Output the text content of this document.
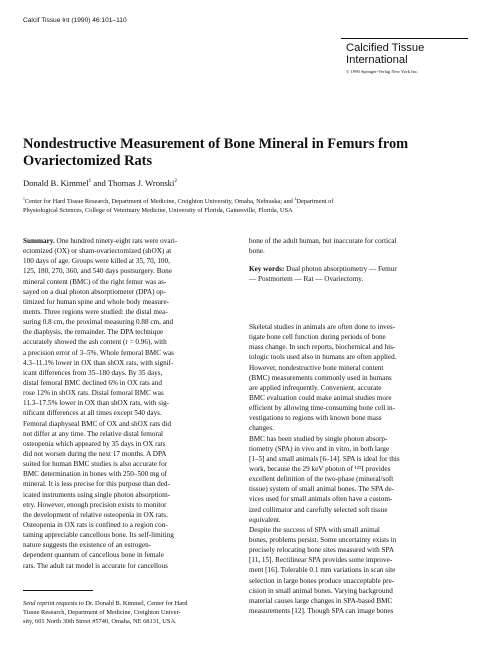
Calcif Tissue Int (1990) 46:101–110
Calcified Tissue
International
© 1990 Springer-Verlag New York Inc.
Nondestructive Measurement of Bone Mineral in Femurs from
Ovariectomized Rats
Donald B. Kimmel$^1$ and Thomas J. Wronski$^2$
$^1$Center for Hard Tissue Research, Department of Medicine, Creighton University, Omaha, Nebraska; and $^2$Department of
Physiological Sciences, College of Veterinary Medicine, University of Florida, Gainesville, Florida, USA
Summary. One hundred ninety-eight rats were ovari-
ectomized (OX) or sham-ovariectomized (shOX) at
100 days of age. Groups were killed at 35, 70, 100,
125, 180, 270, 360, and 540 days postsurgery. Bone
mineral content (BMC) of the right femur was as-
sayed on a dual photon absorptiometer (DPA) op-
timized for human spine and whole body measure-
ments. Three regions were studied: the distal mea-
suring 0.8 cm, the proximal measuring 0.88 cm, and
the diaphysis, the remainder. The DPA technique
accurately showed the ash content (r = 0.96), with
a precision error of 3–5%. Whole femoral BMC was
4.3–11.1% lower in OX than shOX rats, with signif-
icant differences from 35–180 days. By 35 days,
distal femoral BMC declined 6% in OX rats and
rose 12% in shOX rats. Distal femoral BMC was
11.3–17.5% lower in OX than shOX rats, with sig-
nificant differences at all times except 540 days.
Femoral diaphyseal BMC of OX and shOX rats did
not differ at any time. The relative distal femoral
osteopenia which appeared by 35 days in OX rats
did not worsen during the next 17 months. A DPA
suited for human BMC studies is also accurate for
BMC determination in bones with 250–500 mg of
mineral. It is less precise for this purpose than ded-
icated instruments using single photon absorptiom-
etry. However, enough precision exists to monitor
the development of relative osteopenia in OX rats.
Osteopenia in OX rats is confined to a region con-
taining appreciable cancellous bone. Its self-limiting
nature suggests the existence of an estrogen-
dependent quantum of cancellous bone in female
rats. The adult rat model is accurate for cancellous
bone of the adult human, but inaccurate for cortical
bone.
Key words: Dual photon absorptiometry — Femur
— Postmortem — Rat — Ovariectomy.
Skeletal studies in animals are often done to inves-
tigate bone cell function during periods of bone
mass change. In such reports, biochemical and his-
tologic tools used also in humans are often applied.
However, nondestructive bone mineral content
(BMC) measurements commonly used in humans
are applied infrequently. Convenient, accurate
BMC evaluation could make animal studies more
efficient by allowing time-consuming bone cell in-
vestigations to regions with known bone mass
changes.
BMC has been studied by single photon absorp-
tiometry (SPA) in vivo and in vitro, in both large
[1–5] and small animals [6–14]. SPA is ideal for this
work, because the 29 keV photon of ¹²⁵I provides
excellent definition of the two-phase (mineral/soft
tissue) system of small animal bones. The SPA de-
vices used for small animals often have a custom-
ized collimator and carefully selected soft tissue
equivalent.
Despite the success of SPA with small animal
bones, problems persist. Some uncertainty exists in
precisely relocating bone sites measured with SPA
[11, 15]. Rectilinear SPA provides some improve-
ment [16]. Tolerable 0.1 mm variations in scan site
selection in large bones produce unacceptable pre-
cision in small animal bones. Varying background
material causes large changes in SPA-based BMC
measurements [12]. Though SPA can image bones
Send reprint requests to Dr. Donald B. Kimmel, Center for Hard
Tissue Research, Department of Medicine, Creighton Univer-
sity, 601 North 30th Street #5740, Omaha, NE 68131, USA.
